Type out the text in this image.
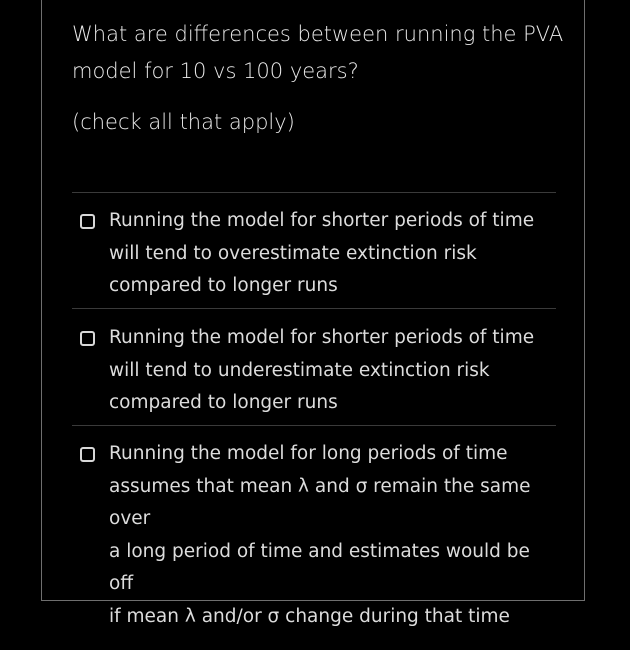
What are differences between running the PVA
model for 10 vs 100 years?
(check all that apply)
Running the model for shorter periods of time
will tend to overestimate extinction risk
compared to longer runs
Running the model for shorter periods of time
will tend to underestimate extinction risk
compared to longer runs
Running the model for long periods of time
assumes that mean λ and σ remain the same over
a long period of time and estimates would be off
if mean λ and/or σ change during that time
